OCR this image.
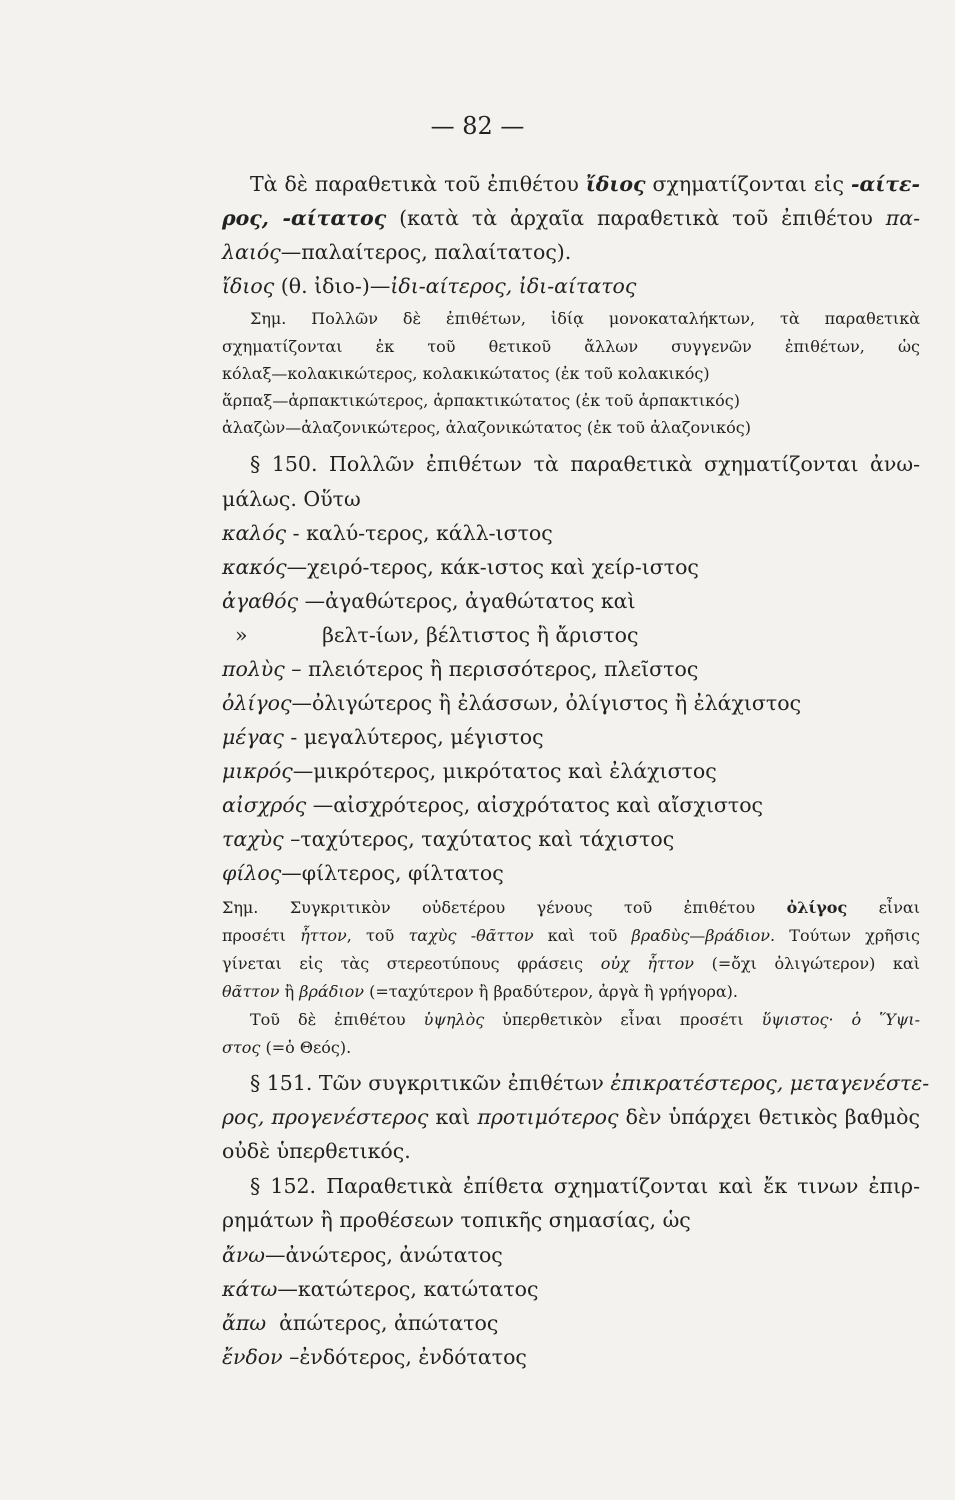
— 82 —
Τὰ δὲ παραθετικὰ τοῦ ἐπιθέτου ἴδιος σχηματίζονται εἰς -αίτε-
ρος, -αίτατος (κατὰ τὰ ἀρχαῖα παραθετικὰ τοῦ ἐπιθέτου πα-
λαιός—παλαίτερος, παλαίτατος).
ἴδιος (θ. ἰδιο-)—ἰδι-αίτερος, ἰδι-αίτατος
Σημ. Πολλῶν δὲ ἐπιθέτων, ἰδίᾳ μονοκαταλήκτων, τὰ παραθετικὰ
σχηματίζονται ἐκ τοῦ θετικοῦ ἄλλων συγγενῶν ἐπιθέτων, ὡς
κόλαξ—κολακικώτερος, κολακικώτατος (ἐκ τοῦ κολακικός)
ἅρπαξ—ἁρπακτικώτερος, ἁρπακτικώτατος (ἐκ τοῦ ἁρπακτικός)
ἀλαζὼν—ἀλαζονικώτερος, ἀλαζονικώτατος (ἐκ τοῦ ἀλαζονικός)
§ 150. Πολλῶν ἐπιθέτων τὰ παραθετικὰ σχηματίζονται ἀνω-
μάλως. Οὕτω
καλός - καλύ-τερος, κάλλ-ιστος
κακός—χειρό-τερος, κάκ-ιστος καὶ χείρ-ιστος
ἀγαθός —ἀγαθώτερος, ἀγαθώτατος καὶ
»	βελτ-ίων, βέλτιστος ἢ ἄριστος
πολὺς – πλειότερος ἢ περισσότερος, πλεῖστος
ὀλίγος—ὀλιγώτερος ἢ ἐλάσσων, ὀλίγιστος ἢ ἐλάχιστος
μέγας - μεγαλύτερος, μέγιστος
μικρός—μικρότερος, μικρότατος καὶ ἐλάχιστος
αἰσχρός —αἰσχρότερος, αἰσχρότατος καὶ αἴσχιστος
ταχὺς –ταχύτερος, ταχύτατος καὶ τάχιστος
φίλος—φίλτερος, φίλτατος
Σημ. Συγκριτικὸν οὐδετέρου γένους τοῦ ἐπιθέτου ὀλίγος εἶναι
προσέτι ἧττον, τοῦ ταχὺς -θᾶττον καὶ τοῦ βραδὺς—βράδιον. Τούτων χρῆσις
γίνεται εἰς τὰς στερεοτύπους φράσεις οὐχ ἧττον (=ὄχι ὀλιγώτερον) καὶ
θᾶττον ἢ βράδιον (=ταχύτερον ἢ βραδύτερον, ἀργὰ ἢ γρήγορα).
Τοῦ δὲ ἐπιθέτου ὑψηλὸς ὑπερθετικὸν εἶναι προσέτι ὕψιστος· ὁ Ὕψι-
στος (=ὁ Θεός).
§ 151. Τῶν συγκριτικῶν ἐπιθέτων ἐπικρατέστερος, μεταγενέστε-
ρος, προγενέστερος καὶ προτιμότερος δὲν ὑπάρχει θετικὸς βαθμὸς
οὐδὲ ὑπερθετικός.
§ 152. Παραθετικὰ ἐπίθετα σχηματίζονται καὶ ἔκ τινων ἐπιρ-
ρημάτων ἢ προθέσεων τοπικῆς σημασίας, ὡς
ἄνω—ἀνώτερος, ἀνώτατος
κάτω—κατώτερος, κατώτατος
ἄπω  ἀπώτερος, ἀπώτατος
ἔνδον –ἐνδότερος, ἐνδότατος
